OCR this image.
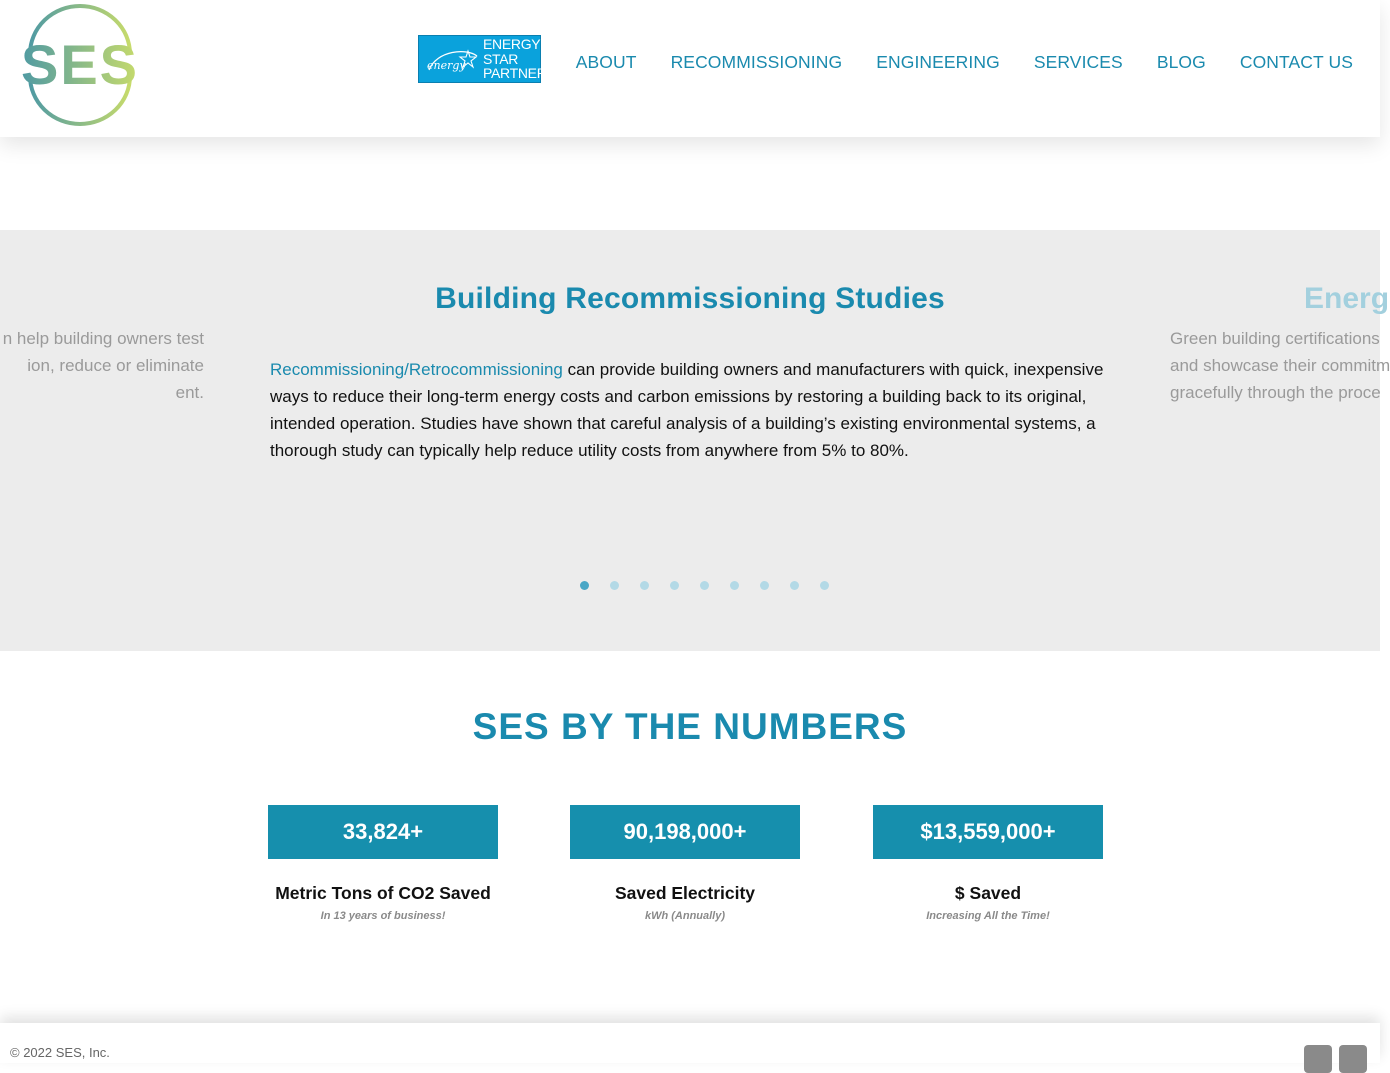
SES	energy
ENERGY
STAR
PARTNER
ABOUT RECOMMISSIONING ENGINEERING SERVICES BLOG CONTACT US
n help building owners test
ion, reduce or eliminate
ent.
Building Recommissioning Studies

Recommissioning/Retrocommissioning can provide building owners and manufacturers with quick, inexpensive ways to reduce their long-term energy costs and carbon emissions by restoring a building back to its original, intended operation. Studies have shown that careful analysis of a building’s existing environmental systems, a thorough study can typically help reduce utility costs from anywhere from 5% to 80%.

Energ
Green building certifications
and showcase their commitm
gracefully through the proce
SES BY THE NUMBERS
33,824+
Metric Tons of CO2 Saved
In 13 years of business!
90,198,000+
Saved Electricity
kWh (Annually)
$13,559,000+
$ Saved
Increasing All the Time!
© 2022 SES, Inc.
